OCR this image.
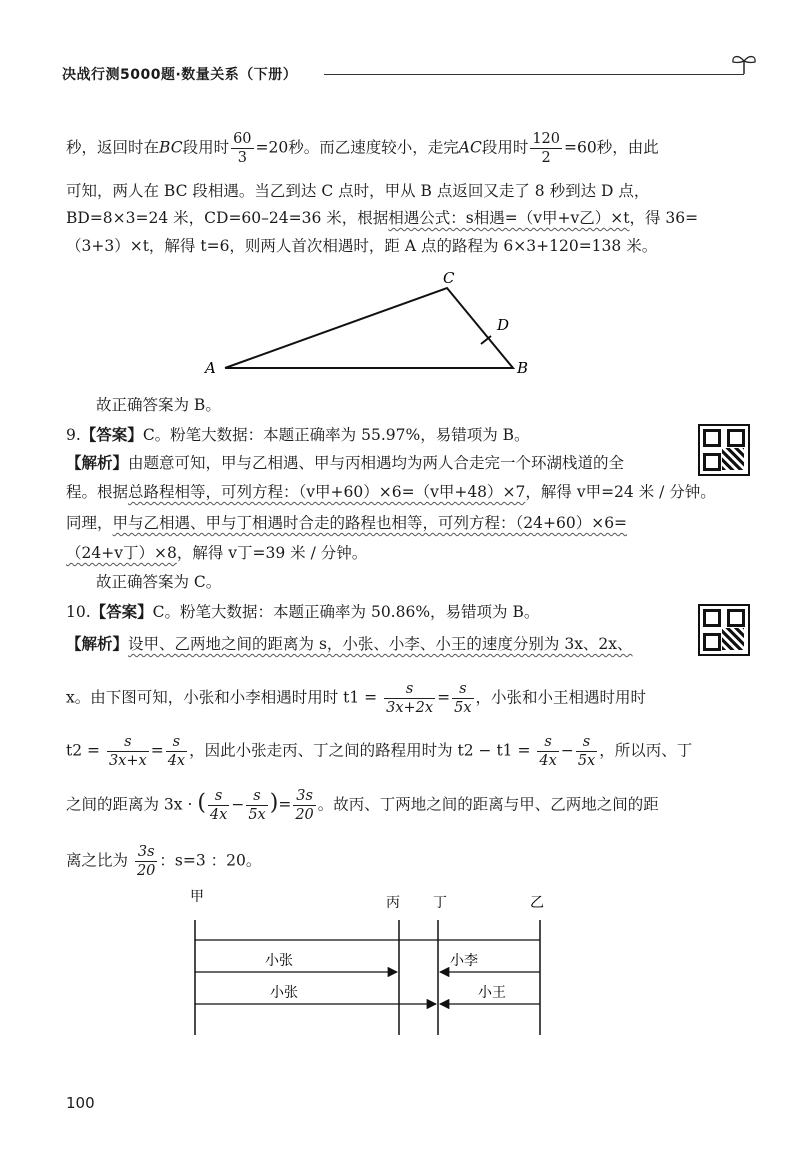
决战行测5000题·数量关系（下册）
秒，返回时在BC段用时 $\frac{60}{3} =20$秒。而乙速度较小，走完AC段用时 $\frac{120}{2} =60$秒，由此
可知，两人在 BC 段相遇。当乙到达 C 点时，甲从 B 点返回又走了 8 秒到达 D 点，
BD=8×3=24 米，CD=60–24=36 米，根据相遇公式：s相遇=（v甲+v乙）×t，得 36=
（3+3）×t，解得 t=6，则两人首次相遇时，距 A 点的路程为 6×3+120=138 米。
A	B
C
D
故正确答案为 B。
9.【答案】C。粉笔大数据：本题正确率为 55.97%，易错项为 B。
【解析】由题意可知，甲与乙相遇、甲与丙相遇均为两人合走完一个环湖栈道的全
程。根据总路程相等，可列方程：（v甲+60）×6=（v甲+48）×7，解得 v甲=24 米 / 分钟。
同理，甲与乙相遇、甲与丁相遇时合走的路程也相等，可列方程：（24+60）×6=
（24+v丁）×8，解得 v丁=39 米 / 分钟。
故正确答案为 C。
10.【答案】C。粉笔大数据：本题正确率为 50.86%，易错项为 B。
【解析】设甲、乙两地之间的距离为 s，小张、小李、小王的速度分别为 3x、2x、
x。由下图可知，小张和小李相遇时用时 $t1 = \frac{s}{3x+2x} = \frac{s}{5x}$ ，小张和小王相遇时用时
$t2 = \frac{s}{3x+x} = \frac{s}{4x}$ ，因此小张走丙、丁之间的路程用时为 $t2 - t1 = \frac{s}{4x} - \frac{s}{5x}$ ，所以丙、丁
之间的距离为 3x · ( $\frac{s}{4x} - \frac{s}{5x}$ )= $\frac{3s}{20}$ 。故丙、丁两地之间的距离与甲、乙两地之间的距
离之比为 $\frac{3s}{20}$ ：s=3 ：20。
甲	丙 丁	乙
小张	小李
小张	小王
100
